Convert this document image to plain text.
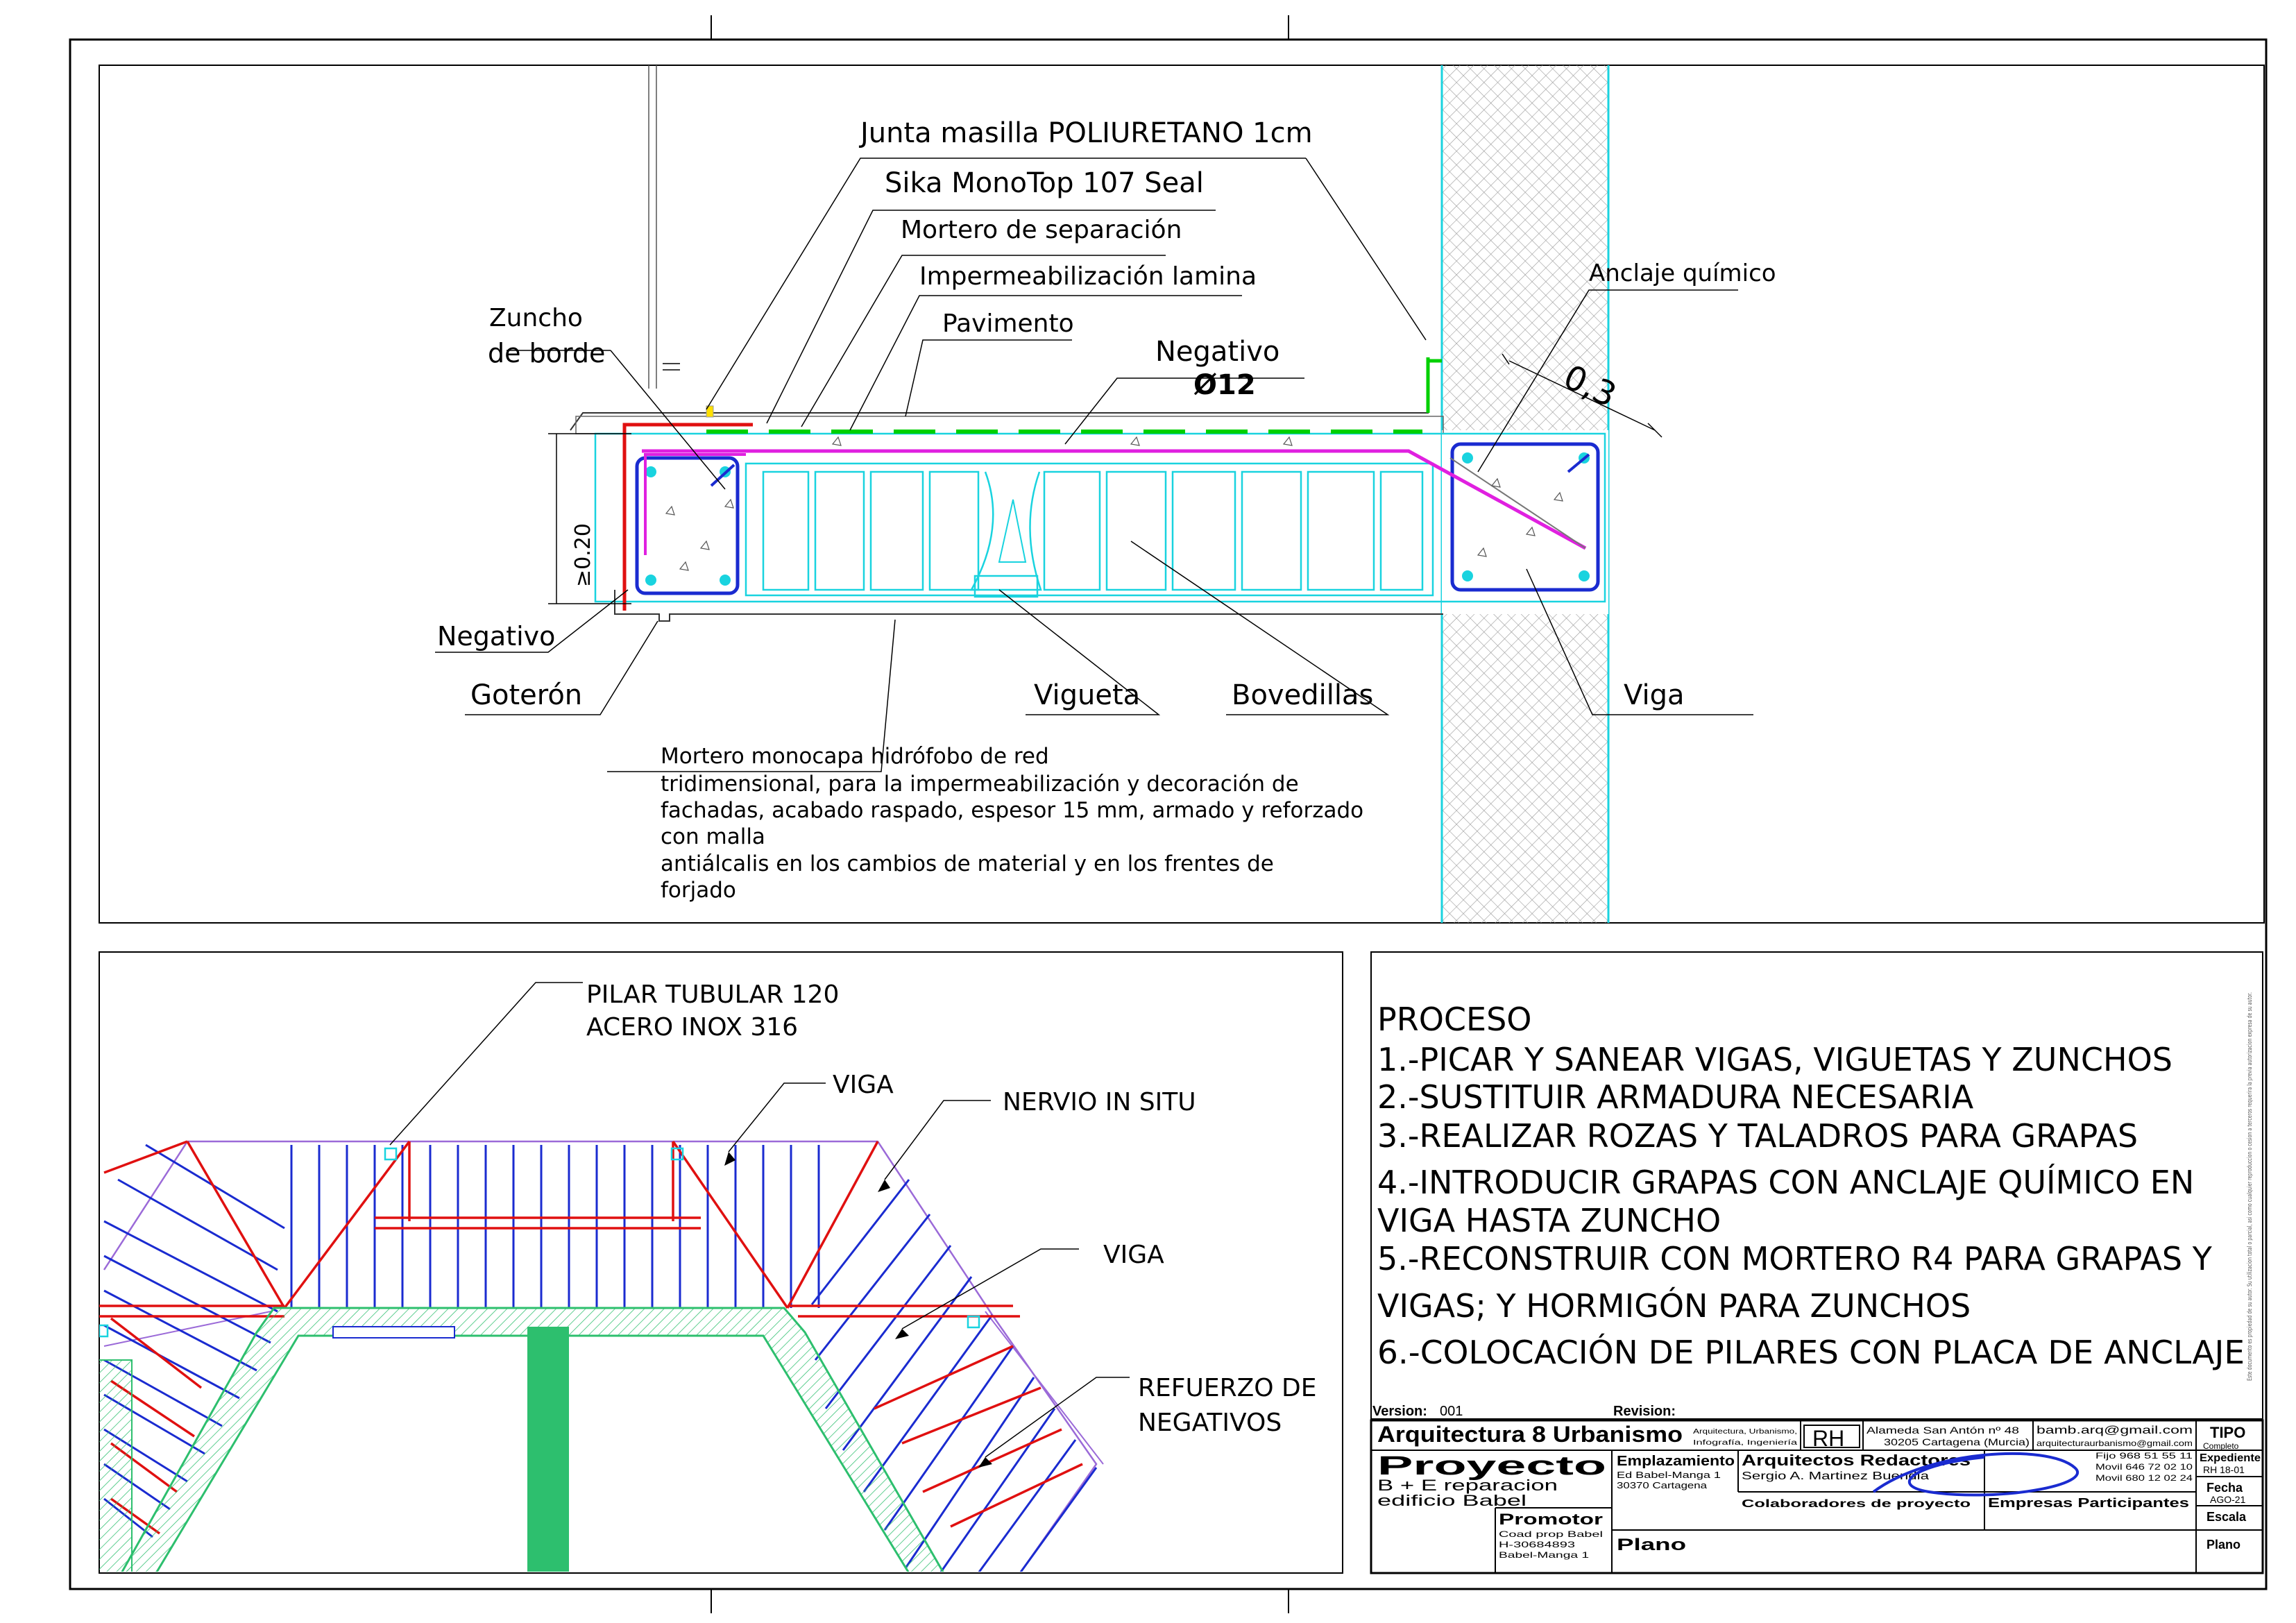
Junta masilla POLIURETANO 1cm
Sika MonoTop 107 Seal
Mortero de separación
Impermeabilización lamina
Pavimento
Negativo
Ø12
Anclaje químico
0,3
Zuncho
de borde
≥0.20
Negativo
Goterón	Vigueta	Bovedillas	Viga
Mortero monocapa hidrófobo de red
tridimensional, para la impermeabilización y decoración de
fachadas, acabado raspado, espesor 15 mm, armado y reforzado
con malla
antiálcalis en los cambios de material y en los frentes de
forjado
PILAR TUBULAR 120
ACERO INOX 316
VIGA
NERVIO IN SITU
VIGA
REFUERZO DE
NEGATIVOS
PROCESO
1.-PICAR Y SANEAR VIGAS, VIGUETAS Y ZUNCHOS
2.-SUSTITUIR ARMADURA NECESARIA
3.-REALIZAR ROZAS Y TALADROS PARA GRAPAS
4.-INTRODUCIR GRAPAS CON ANCLAJE QUÍMICO EN
VIGA HASTA ZUNCHO
5.-RECONSTRUIR CON MORTERO R4 PARA GRAPAS Y
VIGAS; Y HORMIGÓN PARA ZUNCHOS
6.-COLOCACIÓN DE PILARES CON PLACA DE ANCLAJE Este documento es propiedad de su autor. Su utilizacion total o parcial, asi como cualquier reproduccion o cesion a terceros requerira la previa autorizacion expresa de su autor.
Version: 001	Revision:
Arquitectura 8 Urbanismo Arquitectura, Urbanismo,
Infografía, Ingeniería RH Alameda San Antón nº 48
30205 Cartagena (Murcia)
bamb.arq@gmail.com
arquitecturaurbanismo@gmail.com
TIPO
Completo
Proyecto
B + E reparacion
edificio Babel
Emplazamiento
Ed Babel-Manga 1
30370 Cartagena
Arquitectos Redactores
Sergio A. Martinez Buendia
Fijo 968 51 55 11
Movil 646 72 02 10
Movil 680 12 02 24
Expediente
RH 18-01
Fecha
AGO-21
Colaboradores de proyecto Empresas Participantes
Escala
Promotor
Coad prop Babel
H-30684893
Babel-Manga 1
Plano	Plano
